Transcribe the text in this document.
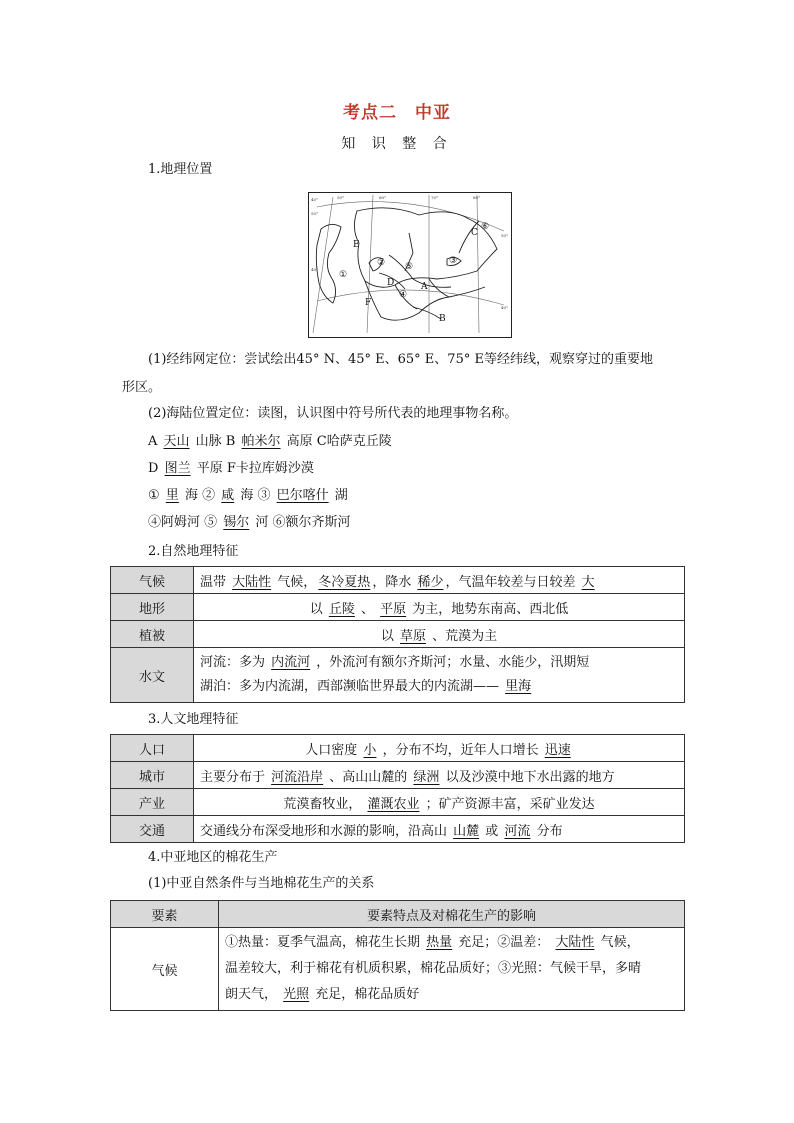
考点二　中亚
知 识 整 合
1.地理位置
40°	50°	60°	70°	80°
50°
40°
50°
40°
C
⑥
E
①
②	③
⑤
D
④
A
F
B
(1)经纬网定位：尝试绘出45° N、45° E、65° E、75° E等经纬线，观察穿过的重要地
形区。
(2)海陆位置定位：读图，认识图中符号所代表的地理事物名称。
A 天山 山脉 B 帕米尔 高原 C哈萨克丘陵
D 图兰 平原 F卡拉库姆沙漠
① 里 海 ② 咸 海 ③ 巴尔喀什 湖
④阿姆河 ⑤ 锡尔 河 ⑥额尔齐斯河
2.自然地理特征
气候	温带 大陆性 气候， 冬冷夏热 ，降水 稀少 ，气温年较差与日较差 大
地形	以 丘陵 、 平原 为主，地势东南高、西北低
植被	以 草原 、荒漠为主
水文	河流：多为 内流河 ，外流河有额尔齐斯河；水量、水能少，汛期短
湖泊：多为内流湖，西部濒临世界最大的内流湖—— 里海
3.人文地理特征
人口	人口密度 小 ，分布不均，近年人口增长 迅速
城市	主要分布于 河流沿岸 、高山山麓的 绿洲 以及沙漠中地下水出露的地方
产业	荒漠畜牧业， 灌溉农业 ；矿产资源丰富，采矿业发达
交通	交通线分布深受地形和水源的影响，沿高山 山麓 或 河流 分布
4.中亚地区的棉花生产
(1)中亚自然条件与当地棉花生产的关系
要素	要素特点及对棉花生产的影响
气候	①热量：夏季气温高，棉花生长期 热量 充足；②温差： 大陆性 气候，
温差较大，利于棉花有机质积累，棉花品质好；③光照：气候干旱，多晴
朗天气， 光照 充足，棉花品质好
